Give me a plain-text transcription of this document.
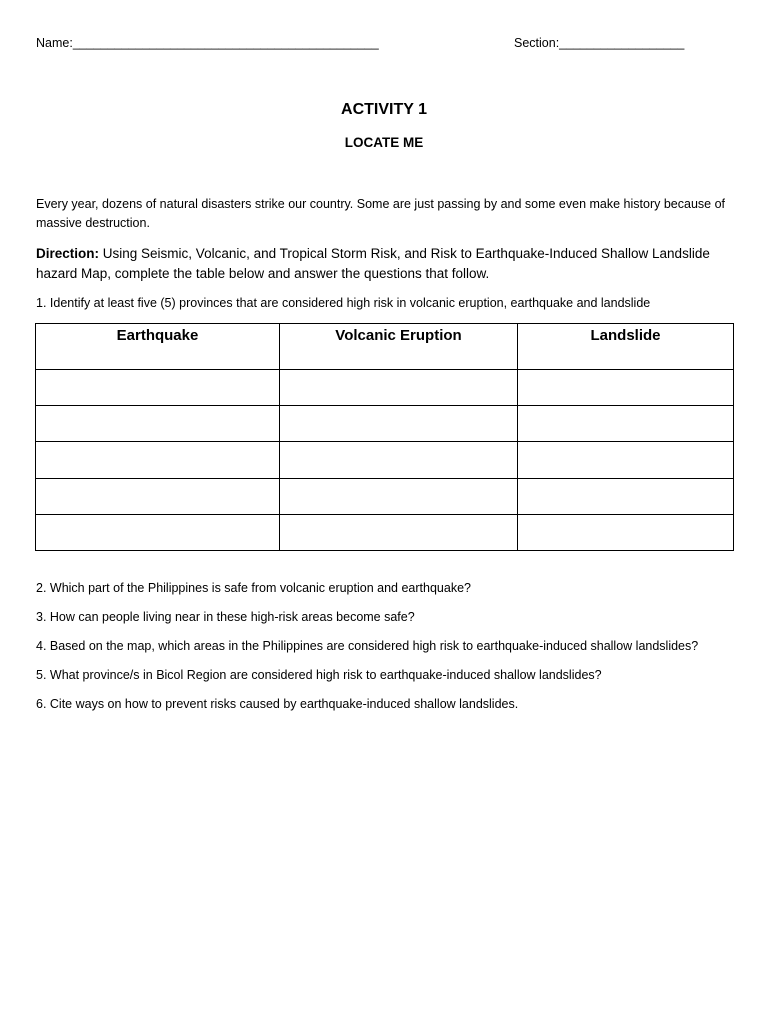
Name:____________________________________________	Section:__________________
ACTIVITY 1
LOCATE ME
Every year, dozens of natural disasters strike our country. Some are just passing by and some even make history because of massive destruction.
Direction: Using Seismic, Volcanic, and Tropical Storm Risk, and Risk to Earthquake-Induced Shallow Landslide hazard Map, complete the table below and answer the questions that follow.
1. Identify at least five (5) provinces that are considered high risk in volcanic eruption, earthquake and landslide
Earthquake	Volcanic Eruption	Landslide

2. Which part of the Philippines is safe from volcanic eruption and earthquake?
3. How can people living near in these high-risk areas become safe?
4. Based on the map, which areas in the Philippines are considered high risk to earthquake-induced shallow landslides?
5. What province/s in Bicol Region are considered high risk to earthquake-induced shallow landslides?
6. Cite ways on how to prevent risks caused by earthquake-induced shallow landslides.
